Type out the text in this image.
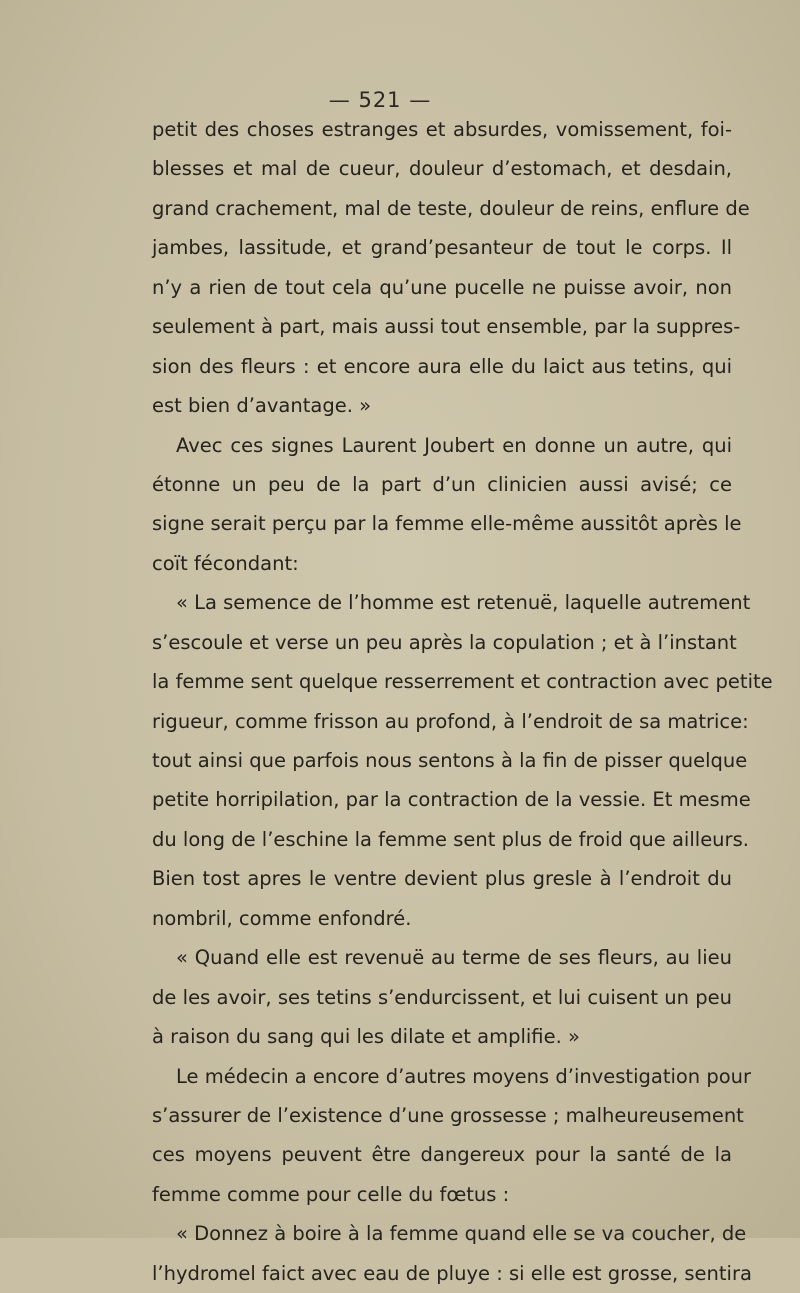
— 521 —
petit des choses estranges et absurdes, vomissement, foi-
blesses et mal de cueur, douleur d’estomach, et desdain,
grand crachement, mal de teste, douleur de reins, enflure de
jambes, lassitude, et grand’pesanteur de tout le corps. Il
n’y a rien de tout cela qu’une pucelle ne puisse avoir, non
seulement à part, mais aussi tout ensemble, par la suppres-
sion des fleurs : et encore aura elle du laict aus tetins, qui
est bien d’avantage. »
Avec ces signes Laurent Joubert en donne un autre, qui
étonne un peu de la part d’un clinicien aussi avisé; ce
signe serait perçu par la femme elle-même aussitôt après le
coït fécondant:
« La semence de l’homme est retenuë, laquelle autrement
s’escoule et verse un peu après la copulation ; et à l’instant
la femme sent quelque resserrement et contraction avec petite
rigueur, comme frisson au profond, à l’endroit de sa matrice:
tout ainsi que parfois nous sentons à la fin de pisser quelque
petite horripilation, par la contraction de la vessie. Et mesme
du long de l’eschine la femme sent plus de froid que ailleurs.
Bien tost apres le ventre devient plus gresle à l’endroit du
nombril, comme enfondré.
« Quand elle est revenuë au terme de ses fleurs, au lieu
de les avoir, ses tetins s’endurcissent, et lui cuisent un peu
à raison du sang qui les dilate et amplifie. »
Le médecin a encore d’autres moyens d’investigation pour
s’assurer de l’existence d’une grossesse ; malheureusement
ces moyens peuvent être dangereux pour la santé de la
femme comme pour celle du fœtus :
« Donnez à boire à la femme quand elle se va coucher, de
l’hydromel faict avec eau de pluye : si elle est grosse, sentira
